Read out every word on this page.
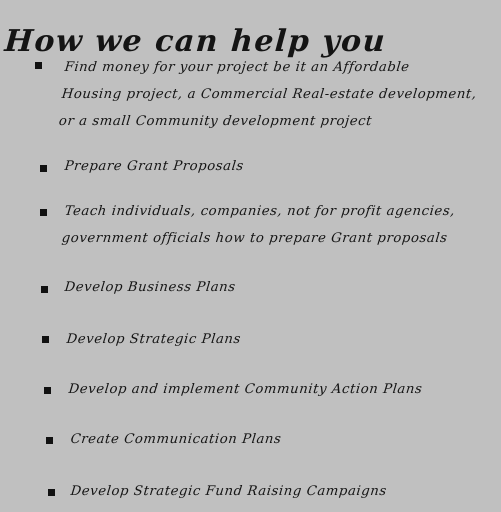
How we can help you
Find money for your project be it an Affordable
Housing project, a Commercial Real-estate development,
or a small Community development project
Prepare Grant Proposals
Teach individuals, companies, not for profit agencies,
government officials how to prepare Grant proposals
Develop Business Plans
Develop Strategic Plans
Develop and implement Community Action Plans
Create Communication Plans
Develop Strategic Fund Raising Campaigns
